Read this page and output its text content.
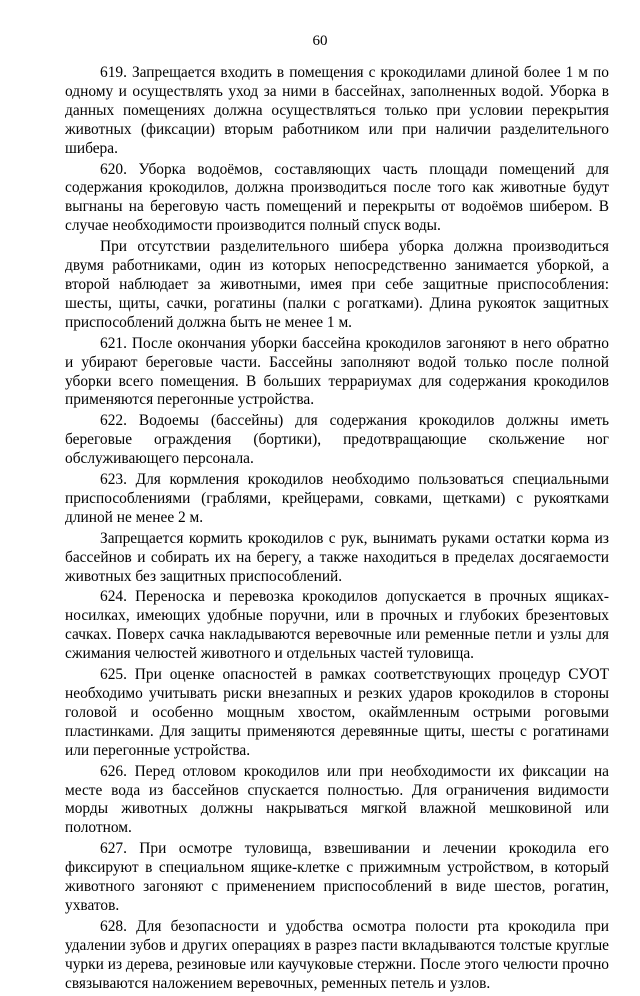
60

619. Запрещается входить в помещения с крокодилами длиной более 1 м по одному и осуществлять уход за ними в бассейнах, заполненных водой. Уборка в данных помещениях должна осуществляться только при условии перекрытия животных (фиксации) вторым работником или при наличии разделительного шибера.

620. Уборка водоёмов, составляющих часть площади помещений для содержания крокодилов, должна производиться после того как животные будут выгнаны на береговую часть помещений и перекрыты от водоёмов шибером. В случае необходимости производится полный спуск воды.

При отсутствии разделительного шибера уборка должна производиться двумя работниками, один из которых непосредственно занимается уборкой, а второй наблюдает за животными, имея при себе защитные приспособления: шесты, щиты, сачки, рогатины (палки с рогатками). Длина рукояток защитных приспособлений должна быть не менее 1 м.

621. После окончания уборки бассейна крокодилов загоняют в него обратно и убирают береговые части. Бассейны заполняют водой только после полной уборки всего помещения. В больших террариумах для содержания крокодилов применяются перегонные устройства.

622. Водоемы (бассейны) для содержания крокодилов должны иметь береговые ограждения (бортики), предотвращающие скольжение ног обслуживающего персонала.

623. Для кормления крокодилов необходимо пользоваться специальными приспособлениями (граблями, крейцерами, совками, щетками) с рукоятками длиной не менее 2 м.

Запрещается кормить крокодилов с рук, вынимать руками остатки корма из бассейнов и собирать их на берегу, а также находиться в пределах досягаемости животных без защитных приспособлений.

624. Переноска и перевозка крокодилов допускается в прочных ящиках-носилках, имеющих удобные поручни, или в прочных и глубоких брезентовых сачках. Поверх сачка накладываются веревочные или ременные петли и узлы для сжимания челюстей животного и отдельных частей туловища.

625. При оценке опасностей в рамках соответствующих процедур СУОТ необходимо учитывать риски внезапных и резких ударов крокодилов в стороны головой и особенно мощным хвостом, окаймленным острыми роговыми пластинками. Для защиты применяются деревянные щиты, шесты с рогатинами или перегонные устройства.

626. Перед отловом крокодилов или при необходимости их фиксации на месте вода из бассейнов спускается полностью. Для ограничения видимости морды животных должны накрываться мягкой влажной мешковиной или полотном.

627. При осмотре туловища, взвешивании и лечении крокодила его фиксируют в специальном ящике-клетке с прижимным устройством, в который животного загоняют с применением приспособлений в виде шестов, рогатин, ухватов.

628. Для безопасности и удобства осмотра полости рта крокодила при удалении зубов и других операциях в разрез пасти вкладываются толстые круглые чурки из дерева, резиновые или каучуковые стержни. После этого челюсти прочно связываются наложением веревочных, ременных петель и узлов.
